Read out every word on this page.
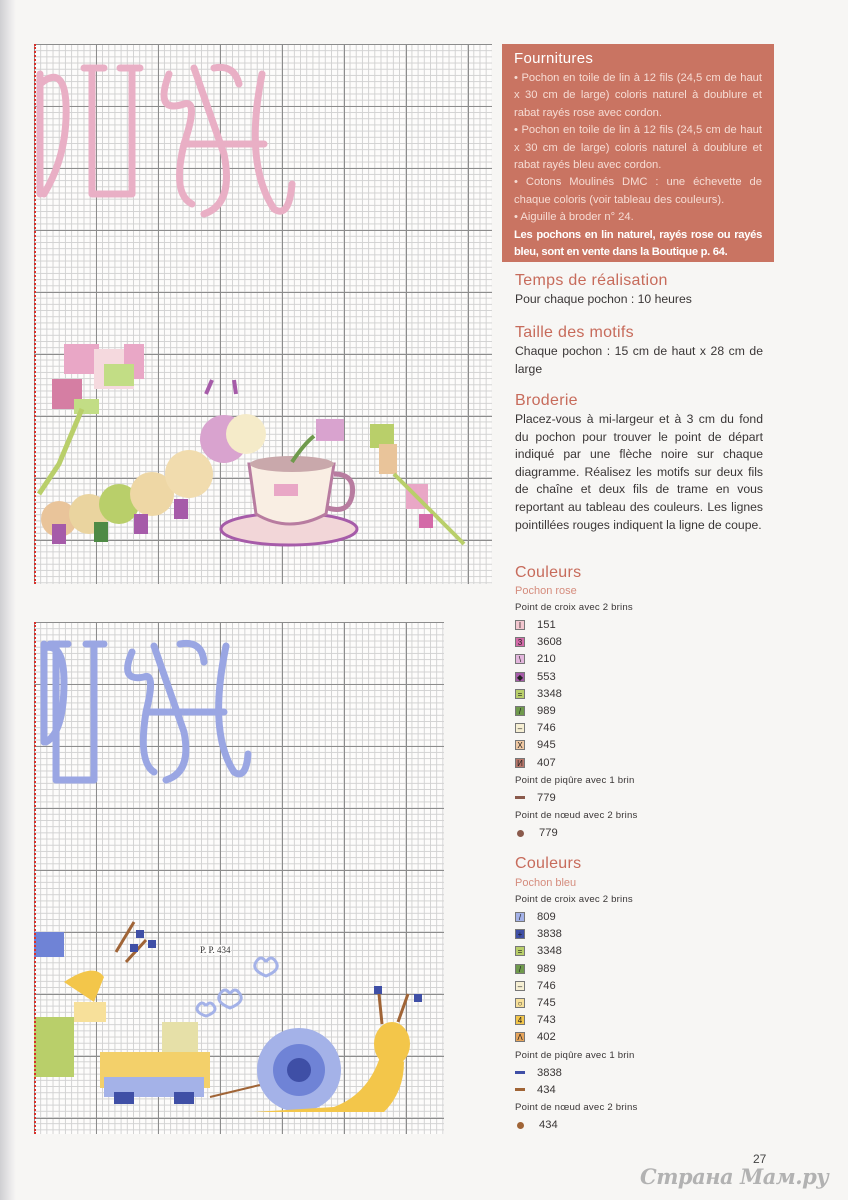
P. P. 434
Fournitures

• Pochon en toile de lin à 12 fils (24,5 cm de haut x 30 cm de large) coloris naturel à doublure et rabat rayés rose avec cordon.

• Pochon en toile de lin à 12 fils (24,5 cm de haut x 30 cm de large) coloris naturel à doublure et rabat rayés bleu avec cordon.

• Cotons Moulinés DMC : une échevette de chaque coloris (voir tableau des couleurs).

• Aiguille à broder n° 24.

Les pochons en lin naturel, rayés rose ou rayés bleu, sont en vente dans la Boutique p. 64.

Temps de réalisation

Pour chaque pochon : 10 heures

Taille des motifs

Chaque pochon : 15 cm de haut x 28 cm de large

Broderie

Placez-vous à mi-largeur et à 3 cm du fond du pochon pour trouver le point de départ indiqué par une flèche noire sur chaque diagramme. Réalisez les motifs sur deux fils de chaîne et deux fils de trame en vous reportant au tableau des couleurs. Les lignes pointillées rouges indiquent la ligne de coupe.

Couleurs
Pochon rose
Point de croix avec 2 brins
I	151
3 3608
\	210
◆ 553
= 3348
/	989
– 746
X 945
И 407
Point de piqûre avec 1 brin
779
Point de nœud avec 2 brins
779
Couleurs
Pochon bleu
Point de croix avec 2 brins
/	809
+ 3838
= 3348
/	989
– 746
○ 745
4 743
Λ 402
Point de piqûre avec 1 brin
3838
434
Point de nœud avec 2 brins
434
27
Страна Мам.ру
